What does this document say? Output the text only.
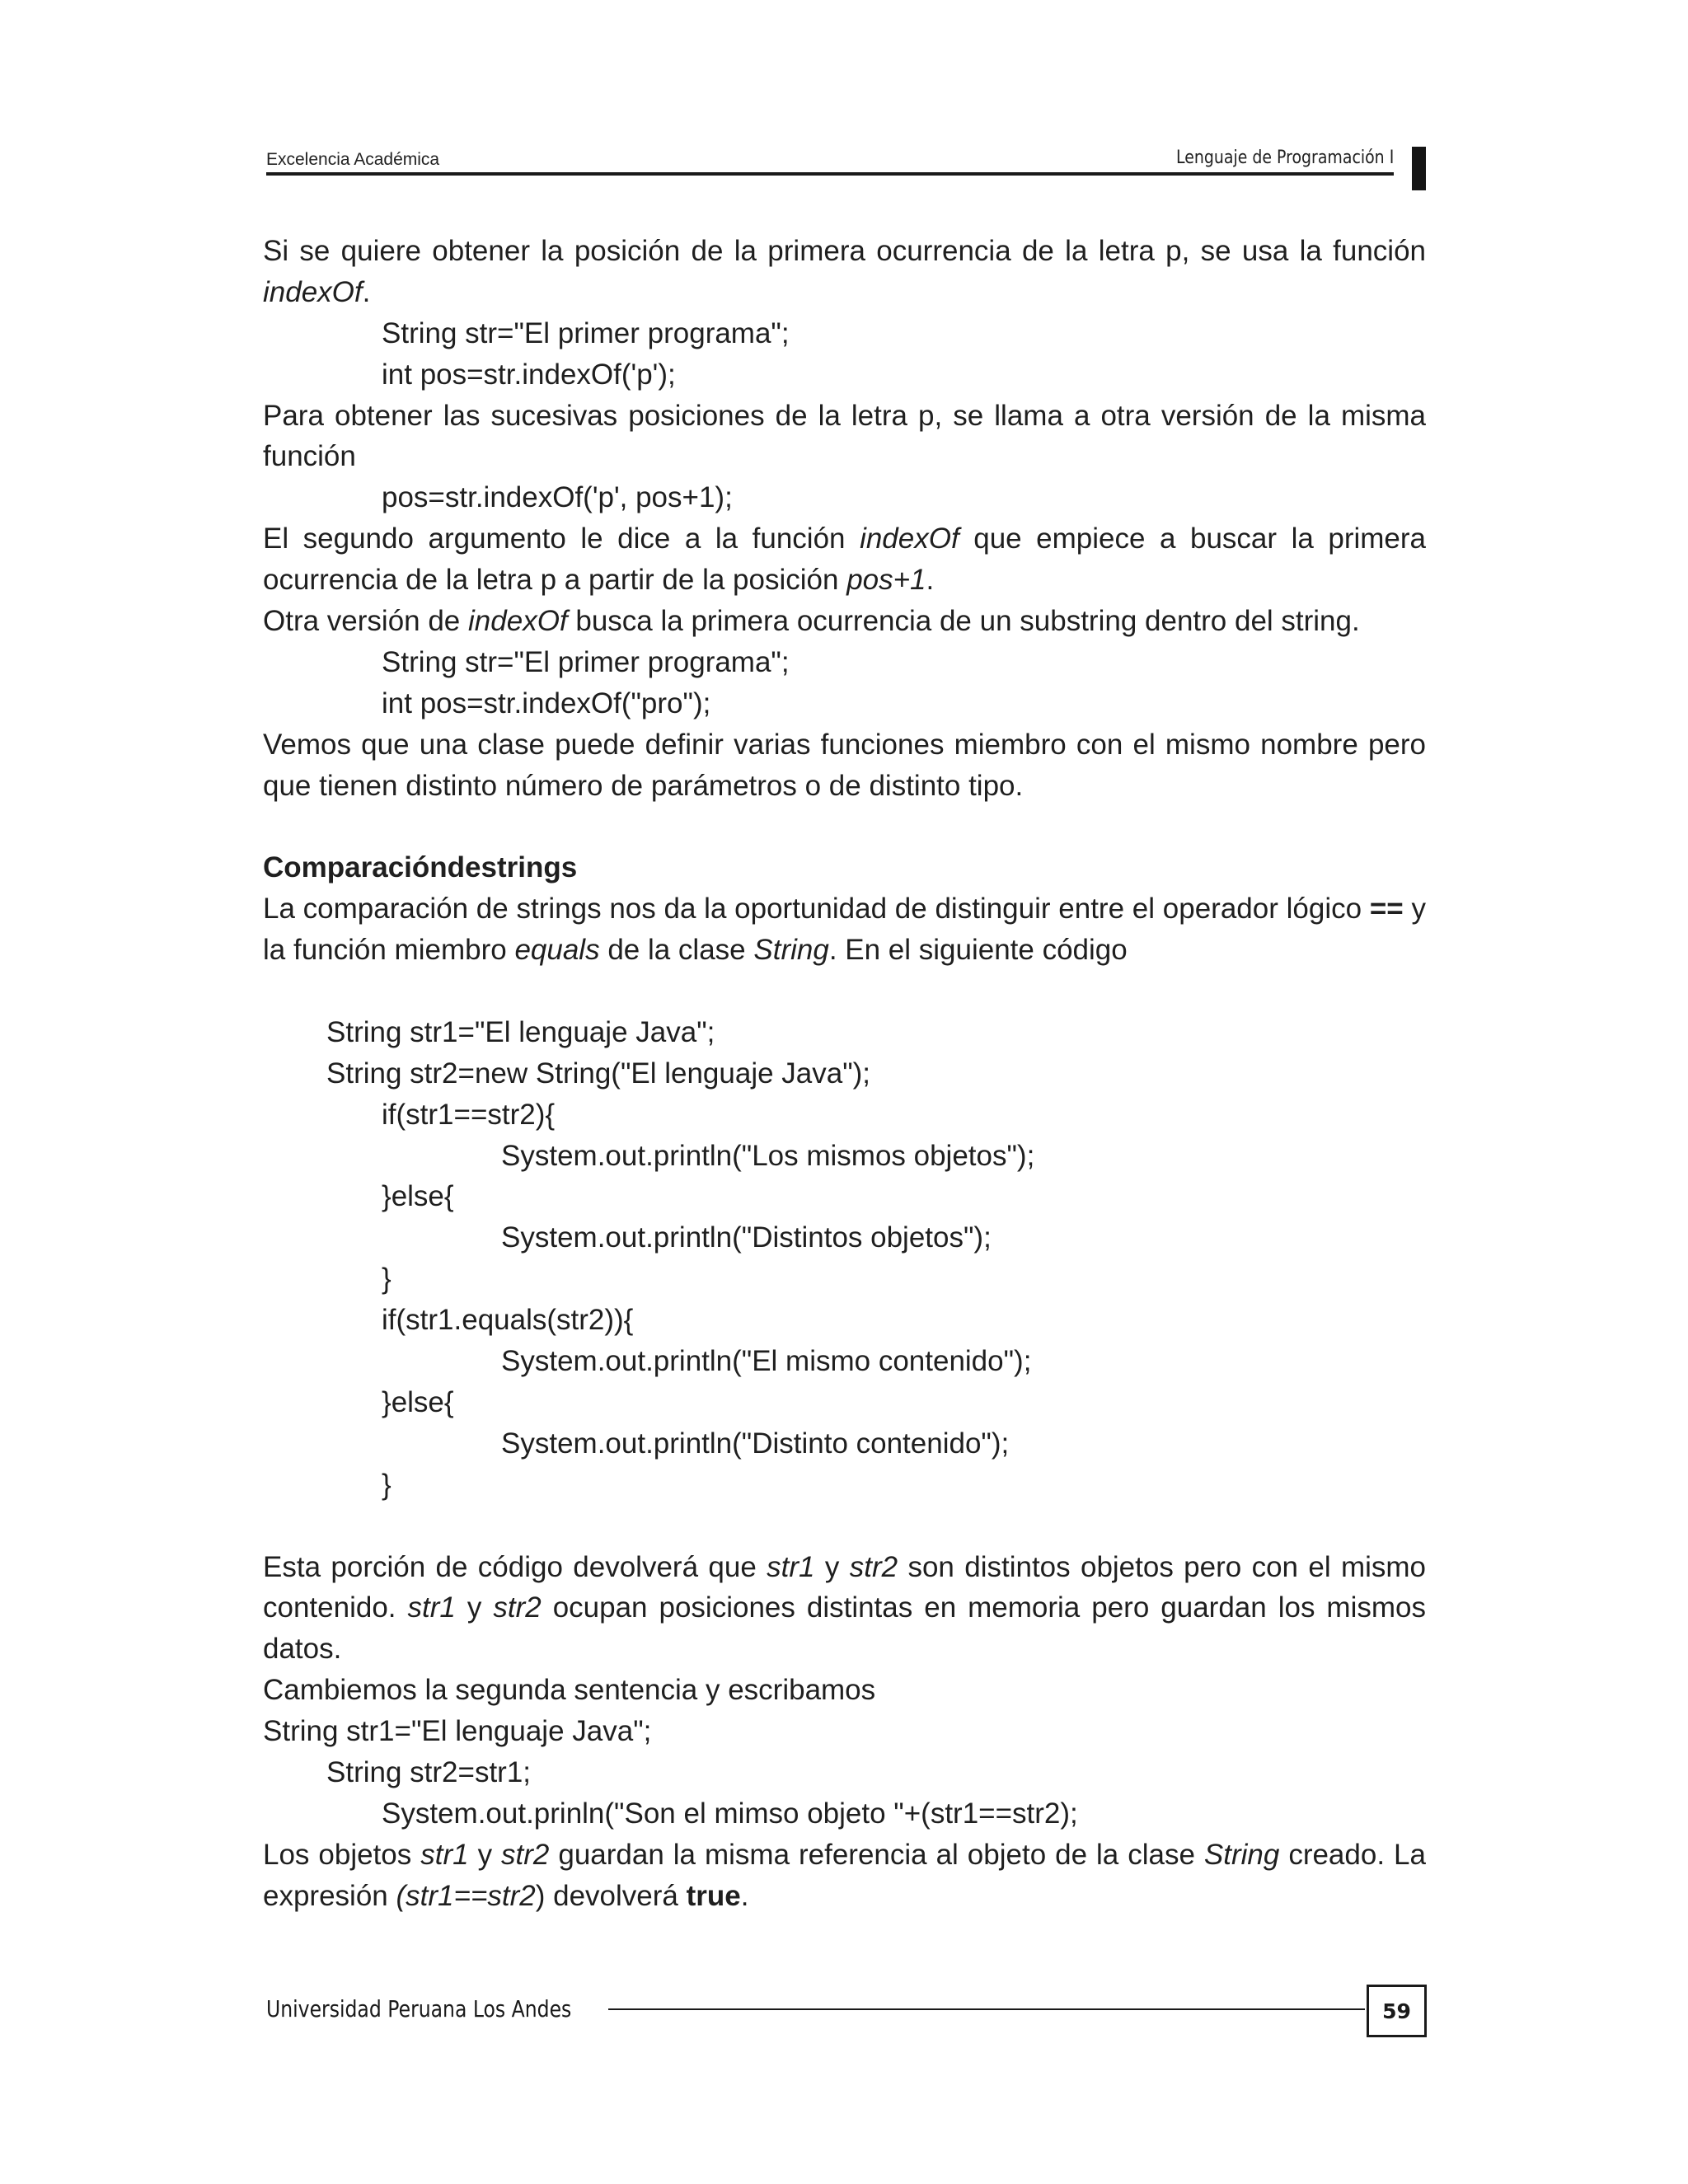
Excelencia Académica	Lenguaje de Programación I
Si se quiere obtener la posición de la primera ocurrencia de la letra p, se usa la función
indexOf.
String str="El primer programa";
int pos=str.indexOf('p');
Para obtener las sucesivas posiciones de la letra p, se llama a otra versión de la misma
función
pos=str.indexOf('p', pos+1);
El segundo argumento le dice a la función indexOf que empiece a buscar la primera
ocurrencia de la letra p a partir de la posición pos+1.
Otra versión de indexOf busca la primera ocurrencia de un substring dentro del string.
String str="El primer programa";
int pos=str.indexOf("pro");
Vemos que una clase puede definir varias funciones miembro con el mismo nombre pero
que tienen distinto número de parámetros o de distinto tipo.
Comparacióndestrings
La comparación de strings nos da la oportunidad de distinguir entre el operador lógico == y
la función miembro equals de la clase String. En el siguiente código
String str1="El lenguaje Java";
String str2=new String("El lenguaje Java");
if(str1==str2){
System.out.println("Los mismos objetos");
}else{
System.out.println("Distintos objetos");
}
if(str1.equals(str2)){
System.out.println("El mismo contenido");
}else{
System.out.println("Distinto contenido");
}
Esta porción de código devolverá que str1 y str2 son distintos objetos pero con el mismo
contenido. str1 y str2 ocupan posiciones distintas en memoria pero guardan los mismos
datos.
Cambiemos la segunda sentencia y escribamos
String str1="El lenguaje Java";
String str2=str1;
System.out.prinln("Son el mimso objeto "+(str1==str2);
Los objetos str1 y str2 guardan la misma referencia al objeto de la clase String creado. La
expresión (str1==str2) devolverá true.
Universidad Peruana Los Andes	59
